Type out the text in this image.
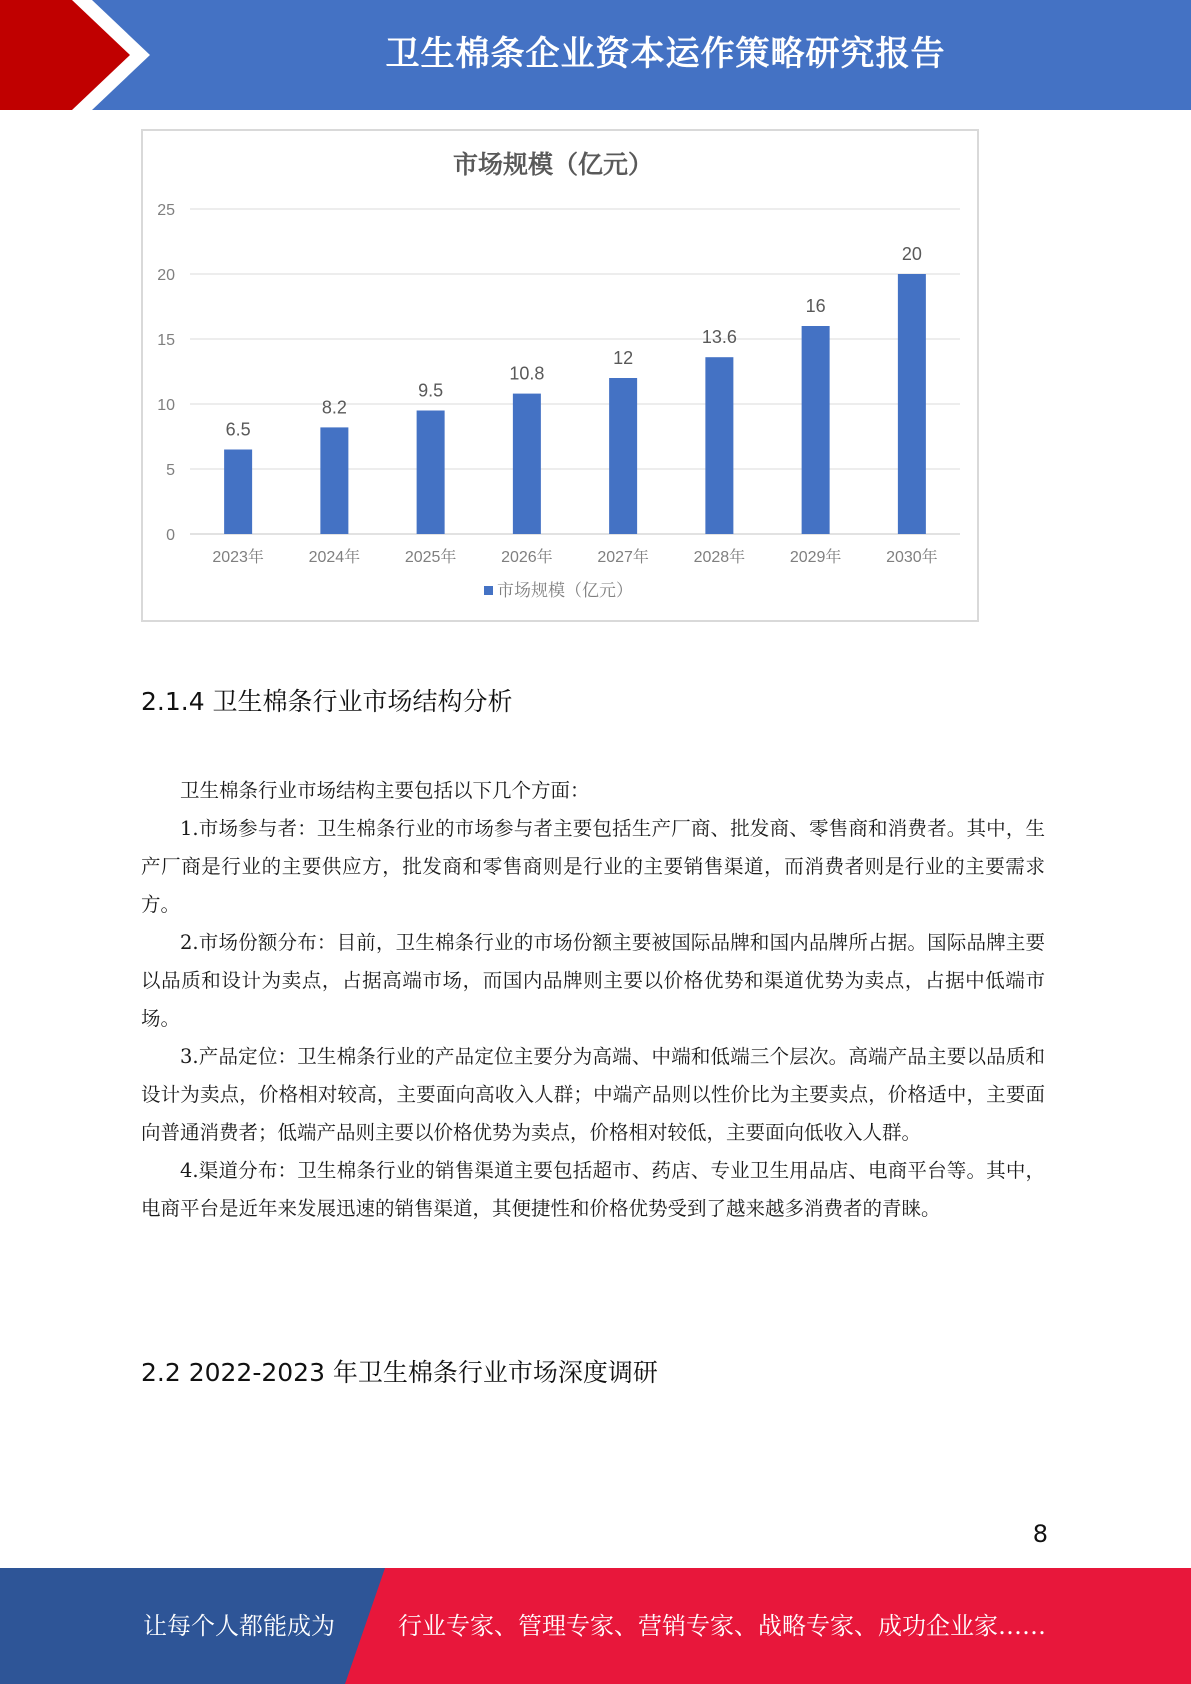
卫生棉条企业资本运作策略研究报告
市场规模（亿元）
0
5
10
15
20
25
6.5
2023年
8.2
2024年
9.5
2025年
10.8
2026年
12
2027年
13.6
2028年
16
2029年
20
2030年
市场规模（亿元）
2.1.4 卫生棉条行业市场结构分析

卫生棉条行业市场结构主要包括以下几个方面：

1.市场参与者：卫生棉条行业的市场参与者主要包括生产厂商、批发商、零售商和消费者。其中，生产厂商是行业的主要供应方，批发商和零售商则是行业的主要销售渠道，而消费者则是行业的主要需求方。

2.市场份额分布：目前，卫生棉条行业的市场份额主要被国际品牌和国内品牌所占据。国际品牌主要以品质和设计为卖点，占据高端市场，而国内品牌则主要以价格优势和渠道优势为卖点，占据中低端市场。

3.产品定位：卫生棉条行业的产品定位主要分为高端、中端和低端三个层次。高端产品主要以品质和设计为卖点，价格相对较高，主要面向高收入人群；中端产品则以性价比为主要卖点，价格适中，主要面向普通消费者；低端产品则主要以价格优势为卖点，价格相对较低，主要面向低收入人群。

4.渠道分布：卫生棉条行业的销售渠道主要包括超市、药店、专业卫生用品店、电商平台等。其中，电商平台是近年来发展迅速的销售渠道，其便捷性和价格优势受到了越来越多消费者的青睐。

2.2 2022-2023 年卫生棉条行业市场深度调研
8
让每个人都能成为	行业专家、管理专家、营销专家、战略专家、成功企业家……
